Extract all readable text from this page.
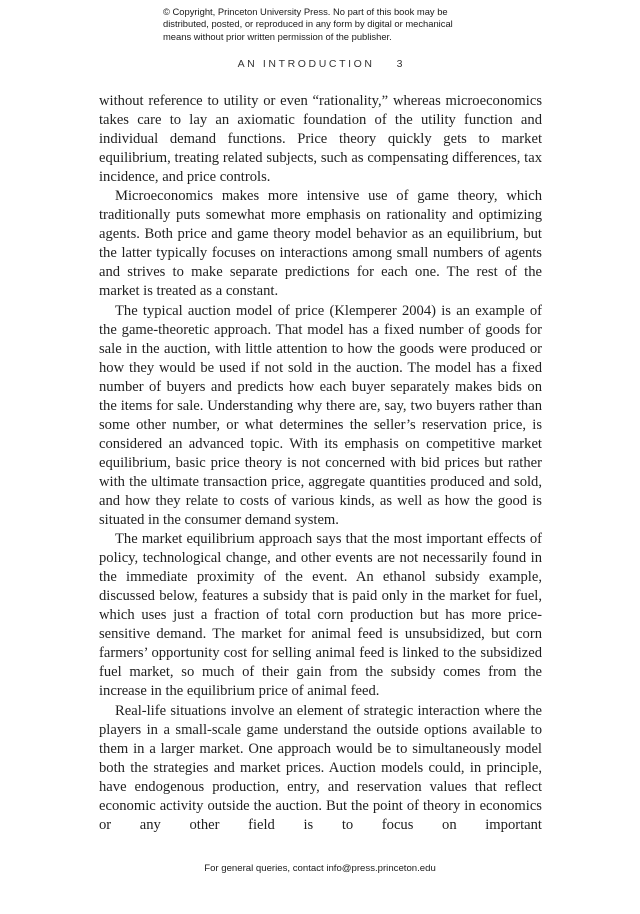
© Copyright, Princeton University Press. No part of this book may be
distributed, posted, or reproduced in any form by digital or mechanical
means without prior written permission of the publisher.
AN INTRODUCTION 3

without reference to utility or even “rationality,” whereas microeconomics takes care to lay an axiomatic foundation of the utility function and individual demand functions. Price theory quickly gets to market equilibrium, treating related subjects, such as compensating differences, tax incidence, and price controls.

Microeconomics makes more intensive use of game theory, which traditionally puts somewhat more emphasis on rationality and optimizing agents. Both price and game theory model behavior as an equilibrium, but the latter typically focuses on interactions among small numbers of agents and strives to make separate predictions for each one. The rest of the market is treated as a constant.

The typical auction model of price (Klemperer 2004) is an example of the game-theoretic approach. That model has a fixed number of goods for sale in the auction, with little attention to how the goods were produced or how they would be used if not sold in the auction. The model has a fixed number of buyers and predicts how each buyer separately makes bids on the items for sale. Understanding why there are, say, two buyers rather than some other number, or what determines the seller’s reservation price, is considered an advanced topic. With its emphasis on competitive market equilibrium, basic price theory is not concerned with bid prices but rather with the ultimate transaction price, aggregate quantities produced and sold, and how they relate to costs of various kinds, as well as how the good is situated in the consumer demand system.

The market equilibrium approach says that the most important effects of policy, technological change, and other events are not necessarily found in the immediate proximity of the event. An ethanol subsidy example, discussed below, features a subsidy that is paid only in the market for fuel, which uses just a fraction of total corn production but has more price-sensitive demand. The market for animal feed is unsubsidized, but corn farmers’ opportunity cost for selling animal feed is linked to the subsidized fuel market, so much of their gain from the subsidy comes from the increase in the equilibrium price of animal feed.

Real-life situations involve an element of strategic interaction where the players in a small-scale game understand the outside options available to them in a larger market. One approach would be to simultaneously model both the strategies and market prices. Auction models could, in principle, have endogenous production, entry, and reservation values that reflect economic activity outside the auction. But the point of theory in economics or any other field is to focus on important

For general queries, contact info@press.princeton.edu
